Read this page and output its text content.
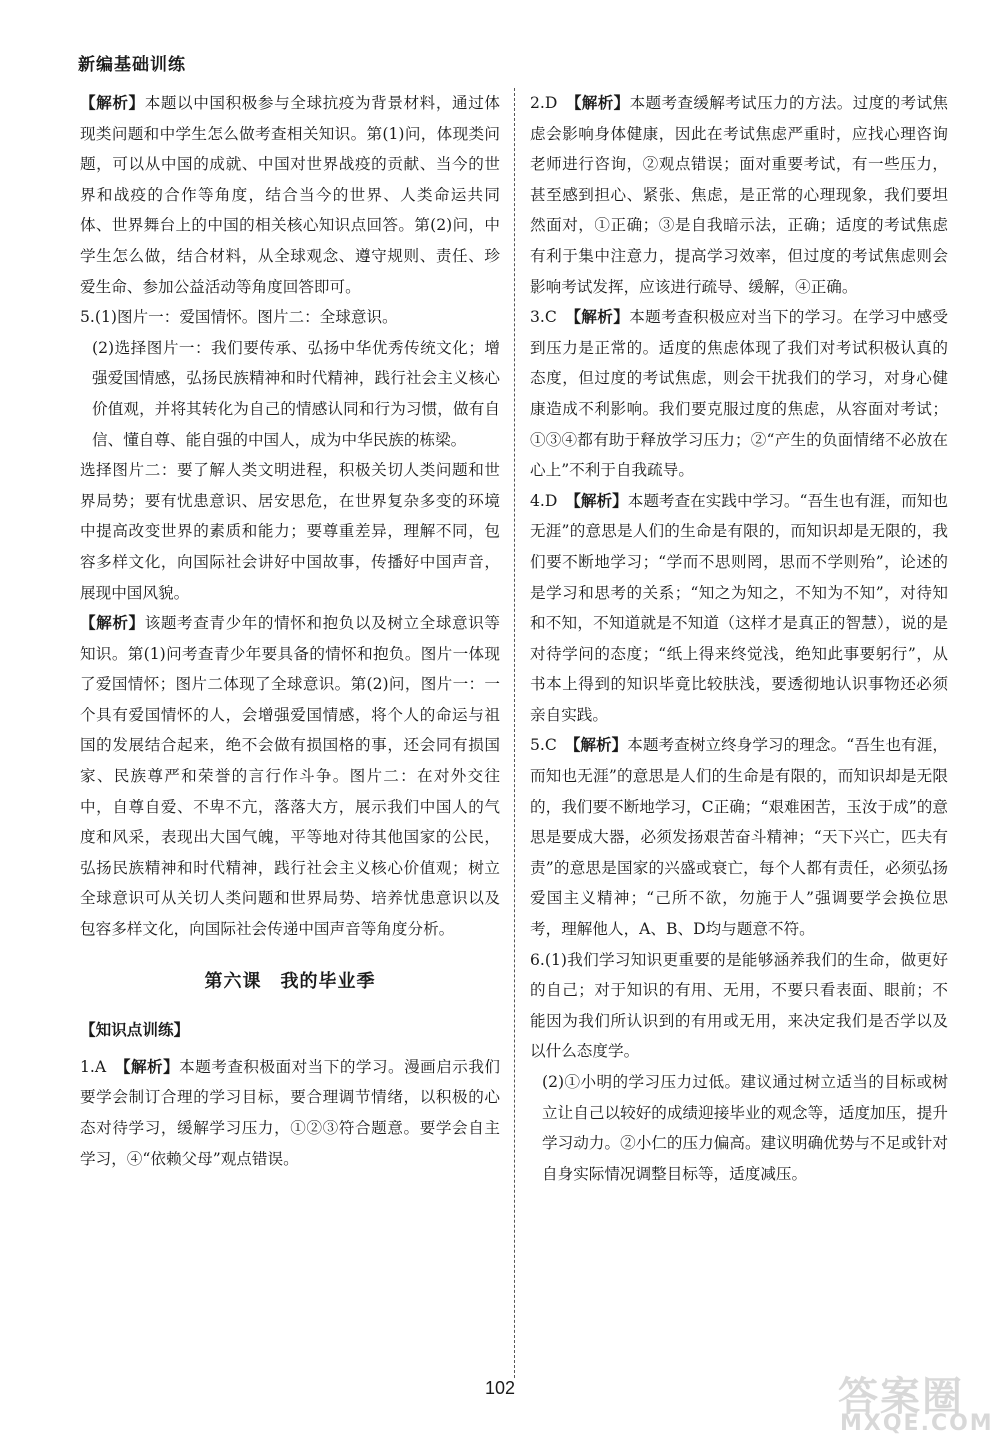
新编基础训练

【解析】本题以中国积极参与全球抗疫为背景材料，通过体现类问题和中学生怎么做考查相关知识。第(1)问，体现类问题，可以从中国的成就、中国对世界战疫的贡献、当今的世界和战疫的合作等角度，结合当今的世界、人类命运共同体、世界舞台上的中国的相关核心知识点回答。第(2)问，中学生怎么做，结合材料，从全球观念、遵守规则、责任、珍爱生命、参加公益活动等角度回答即可。

5.(1)图片一：爱国情怀。图片二：全球意识。

(2)选择图片一：我们要传承、弘扬中华优秀传统文化；增强爱国情感，弘扬民族精神和时代精神，践行社会主义核心价值观，并将其转化为自己的情感认同和行为习惯，做有自信、懂自尊、能自强的中国人，成为中华民族的栋梁。

选择图片二：要了解人类文明进程，积极关切人类问题和世界局势；要有忧患意识、居安思危，在世界复杂多变的环境中提高改变世界的素质和能力；要尊重差异，理解不同，包容多样文化，向国际社会讲好中国故事，传播好中国声音，展现中国风貌。

【解析】该题考查青少年的情怀和抱负以及树立全球意识等知识。第(1)问考查青少年要具备的情怀和抱负。图片一体现了爱国情怀；图片二体现了全球意识。第(2)问，图片一：一个具有爱国情怀的人，会增强爱国情感，将个人的命运与祖国的发展结合起来，绝不会做有损国格的事，还会同有损国家、民族尊严和荣誉的言行作斗争。图片二：在对外交往中，自尊自爱、不卑不亢，落落大方，展示我们中国人的气度和风采，表现出大国气魄，平等地对待其他国家的公民，弘扬民族精神和时代精神，践行社会主义核心价值观；树立全球意识可从关切人类问题和世界局势、培养忧患意识以及包容多样文化，向国际社会传递中国声音等角度分析。

第六课　我的毕业季
【知识点训练】

1.A　【解析】本题考查积极面对当下的学习。漫画启示我们要学会制订合理的学习目标，要合理调节情绪，以积极的心态对待学习，缓解学习压力，①②③符合题意。要学会自主学习，④“依赖父母”观点错误。

2.D　【解析】本题考查缓解考试压力的方法。过度的考试焦虑会影响身体健康，因此在考试焦虑严重时，应找心理咨询老师进行咨询，②观点错误；面对重要考试，有一些压力，甚至感到担心、紧张、焦虑，是正常的心理现象，我们要坦然面对，①正确；③是自我暗示法，正确；适度的考试焦虑有利于集中注意力，提高学习效率，但过度的考试焦虑则会影响考试发挥，应该进行疏导、缓解，④正确。

3.C　【解析】本题考查积极应对当下的学习。在学习中感受到压力是正常的。适度的焦虑体现了我们对考试积极认真的态度，但过度的考试焦虑，则会干扰我们的学习，对身心健康造成不利影响。我们要克服过度的焦虑，从容面对考试；①③④都有助于释放学习压力；②“产生的负面情绪不必放在心上”不利于自我疏导。

4.D　【解析】本题考查在实践中学习。“吾生也有涯，而知也无涯”的意思是人们的生命是有限的，而知识却是无限的，我们要不断地学习；“学而不思则罔，思而不学则殆”，论述的是学习和思考的关系；“知之为知之，不知为不知”，对待知和不知，不知道就是不知道（这样才是真正的智慧），说的是对待学问的态度；“纸上得来终觉浅，绝知此事要躬行”，从书本上得到的知识毕竟比较肤浅，要透彻地认识事物还必须亲自实践。

5.C　【解析】本题考查树立终身学习的理念。“吾生也有涯，而知也无涯”的意思是人们的生命是有限的，而知识却是无限的，我们要不断地学习，C正确；“艰难困苦，玉汝于成”的意思是要成大器，必须发扬艰苦奋斗精神；“天下兴亡，匹夫有责”的意思是国家的兴盛或衰亡，每个人都有责任，必须弘扬爱国主义精神；“己所不欲，勿施于人”强调要学会换位思考，理解他人，A、B、D均与题意不符。

6.(1)我们学习知识更重要的是能够涵养我们的生命，做更好的自己；对于知识的有用、无用，不要只看表面、眼前；不能因为我们所认识到的有用或无用，来决定我们是否学以及以什么态度学。

(2)①小明的学习压力过低。建议通过树立适当的目标或树立让自己以较好的成绩迎接毕业的观念等，适度加压，提升学习动力。②小仁的压力偏高。建议明确优势与不足或针对自身实际情况调整目标等，适度减压。

102	答案圈
MXQE.COM
